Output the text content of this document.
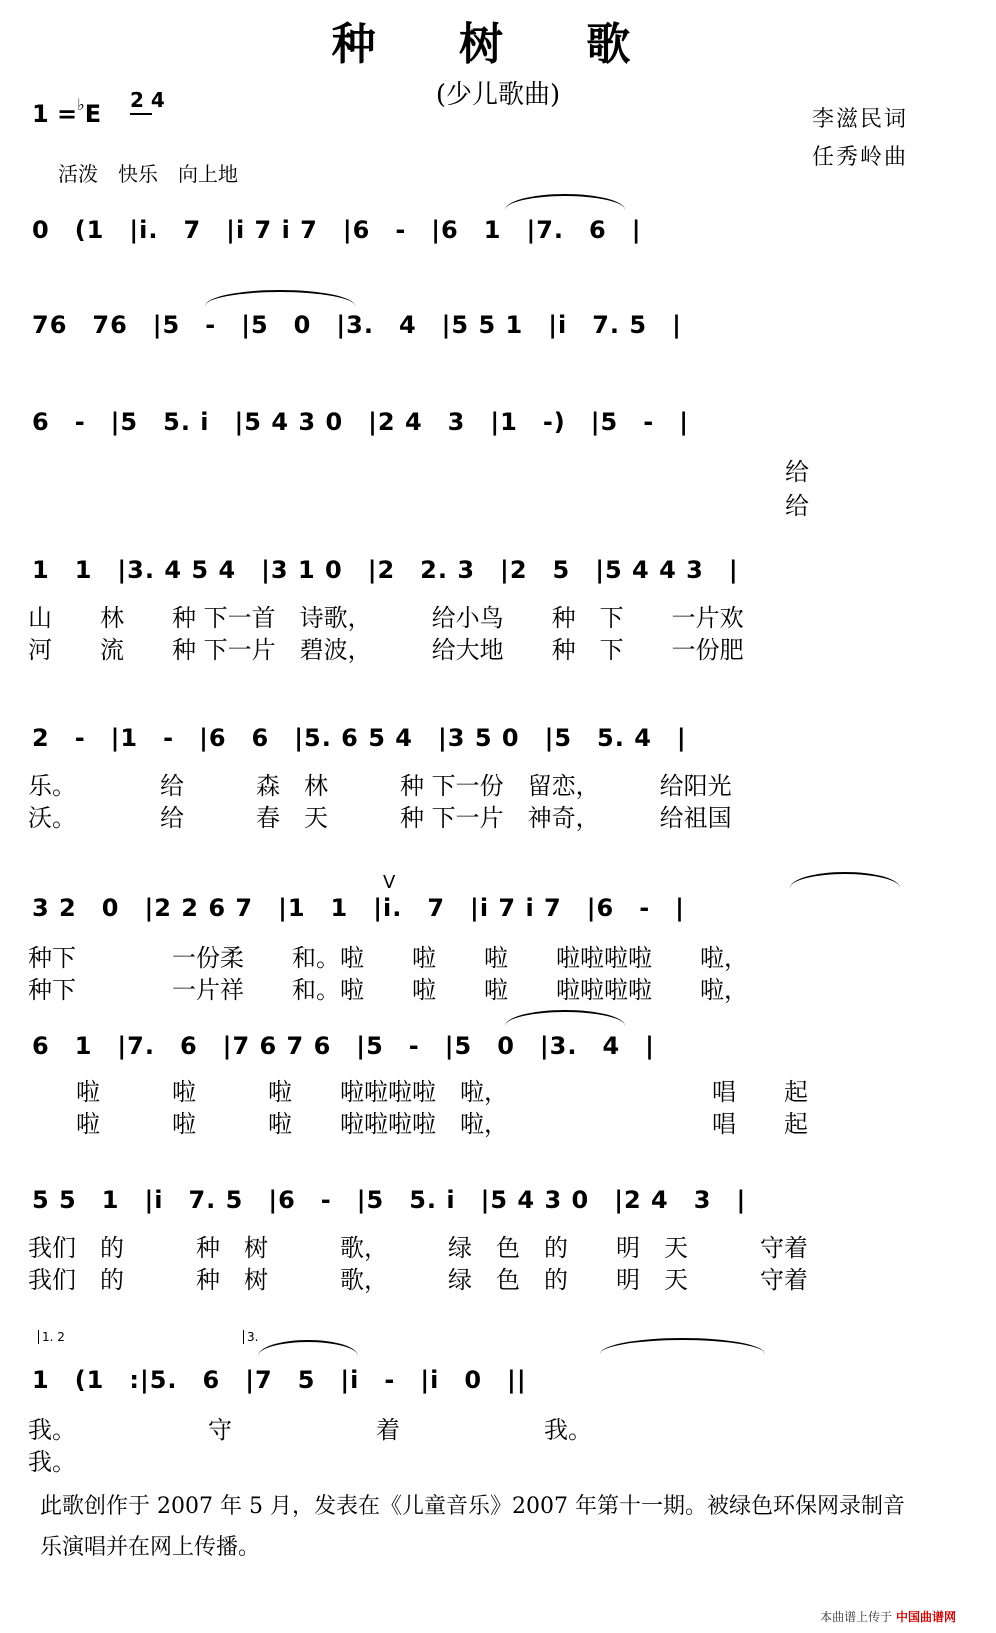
种 树 歌
(少儿歌曲)
1 =♭E 2 4
活泼　快乐　向上地
李滋民词
任秀岭曲
0　(1　|i.　7　|i 7 i 7　|6　-　|6　1　|7.　6　|
76　76　|5　-　|5　0　|3.　4　|5 5 1　|i　7. 5　|
6　-　|5　5. i　|5 4 3 0　|2 4　3　|1　-)　|5　-　|
给
给
1　1　|3. 4 5 4　|3 1 0　|2　2. 3　|2　5　|5 4 4 3　|
山　　林　　种 下一首　诗歌，　　　给小鸟　　种　下　　一片欢
河　　流　　种 下一片　碧波，　　　给大地　　种　下　　一份肥
2　-　|1　-　|6　6　|5. 6 5 4　|3 5 0　|5　5. 4　|
乐。　　　　给　　　森　林　　　种 下一份　留恋，　　　给阳光
沃。　　　　给　　　春　天　　　种 下一片　神奇，　　　给祖国
V
3 2　0　|2 2 6 7　|1　1　|i.　7　|i 7 i 7　|6　-　|
种下　　　　一份柔　　和。啦　　啦　　啦　　啦啦啦啦　　啦，
种下　　　　一片祥　　和。啦　　啦　　啦　　啦啦啦啦　　啦，
6　1　|7.　6　|7 6 7 6　|5　-　|5　0　|3.　4　|
　　啦　　　啦　　　啦　　啦啦啦啦　啦，　　　　　　　　　唱　　起
　　啦　　　啦　　　啦　　啦啦啦啦　啦，　　　　　　　　　唱　　起
5 5　1　|i　7. 5　|6　-　|5　5. i　|5 4 3 0　|2 4　3　|
我们　的　　　种　树　　　歌，　　　绿　色　的　　明　天　　　守着
我们　的　　　种　树　　　歌，　　　绿　色　的　　明　天　　　守着
1. 2	3.
1　(1　:|5.　6　|7　5　|i　-　|i　0　||
我。　　　　　　守　　　　　　着　　　　　　我。
我。
此歌创作于 2007 年 5 月，发表在《儿童音乐》2007 年第十一期。被绿色环保网录制音
乐演唱并在网上传播。
本曲谱上传于 中国曲谱网
